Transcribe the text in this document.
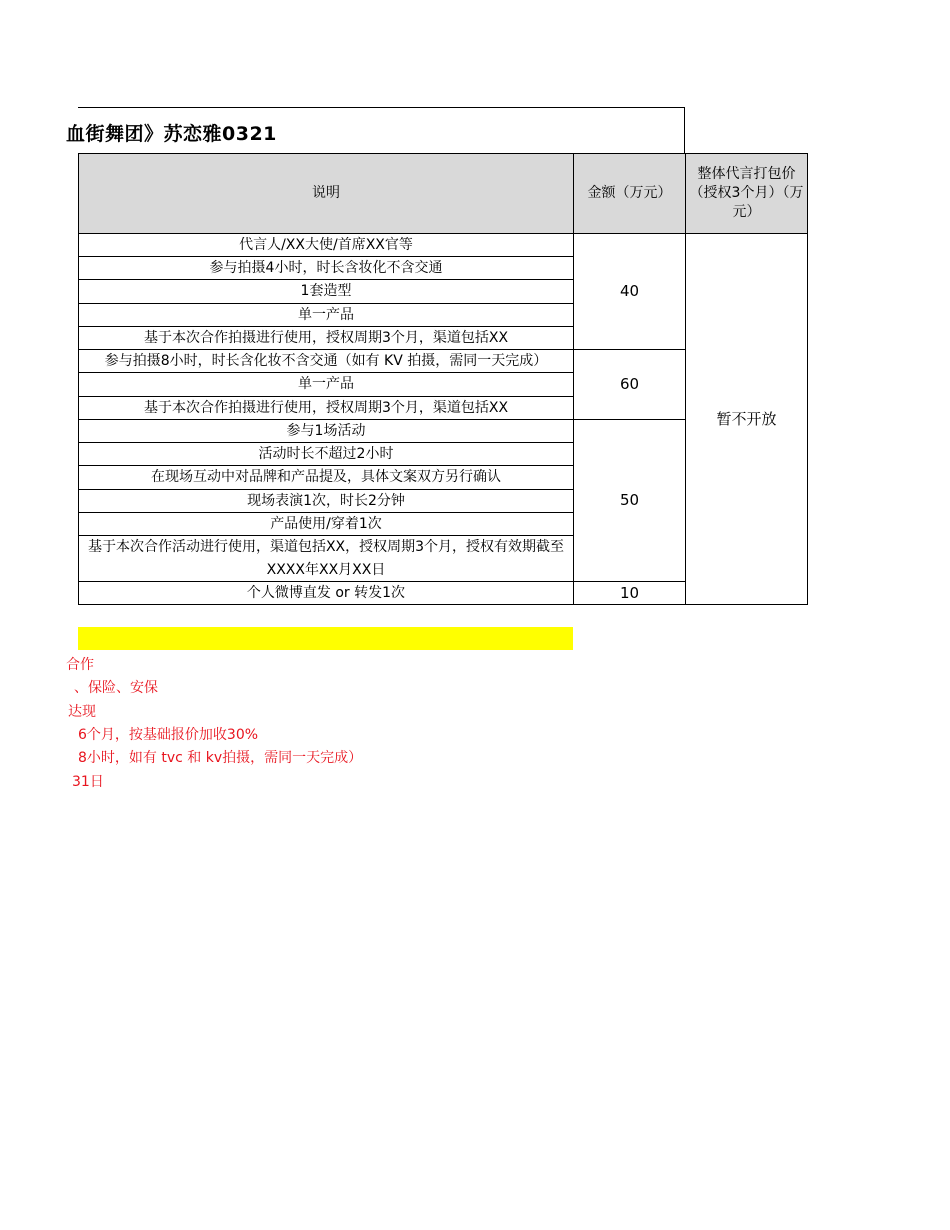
血街舞团》苏恋雅0321
说明	金额（万元）
整体代言打包价（授权3个月）（万元）
代言人/XX大使/首席XX官等
参与拍摄4小时，时长含妆化不含交通
1套造型
单一产品
基于本次合作拍摄进行使用，授权周期3个月，渠道包括XX
参与拍摄8小时，时长含化妆不含交通（如有 KV 拍摄，需同一天完成）
单一产品
基于本次合作拍摄进行使用，授权周期3个月，渠道包括XX
参与1场活动
活动时长不超过2小时
在现场互动中对品牌和产品提及，具体文案双方另行确认
现场表演1次，时长2分钟
产品使用/穿着1次
基于本次合作活动进行使用，渠道包括XX，授权周期3个月，授权有效期截至XXXX年XX月XX日
个人微博直发 or 转发1次
40
60
50
10
暂不开放
合作
、保险、安保
达现
6个月，按基础报价加收30%
8小时，如有 tvc 和 kv拍摄，需同一天完成）
31日
